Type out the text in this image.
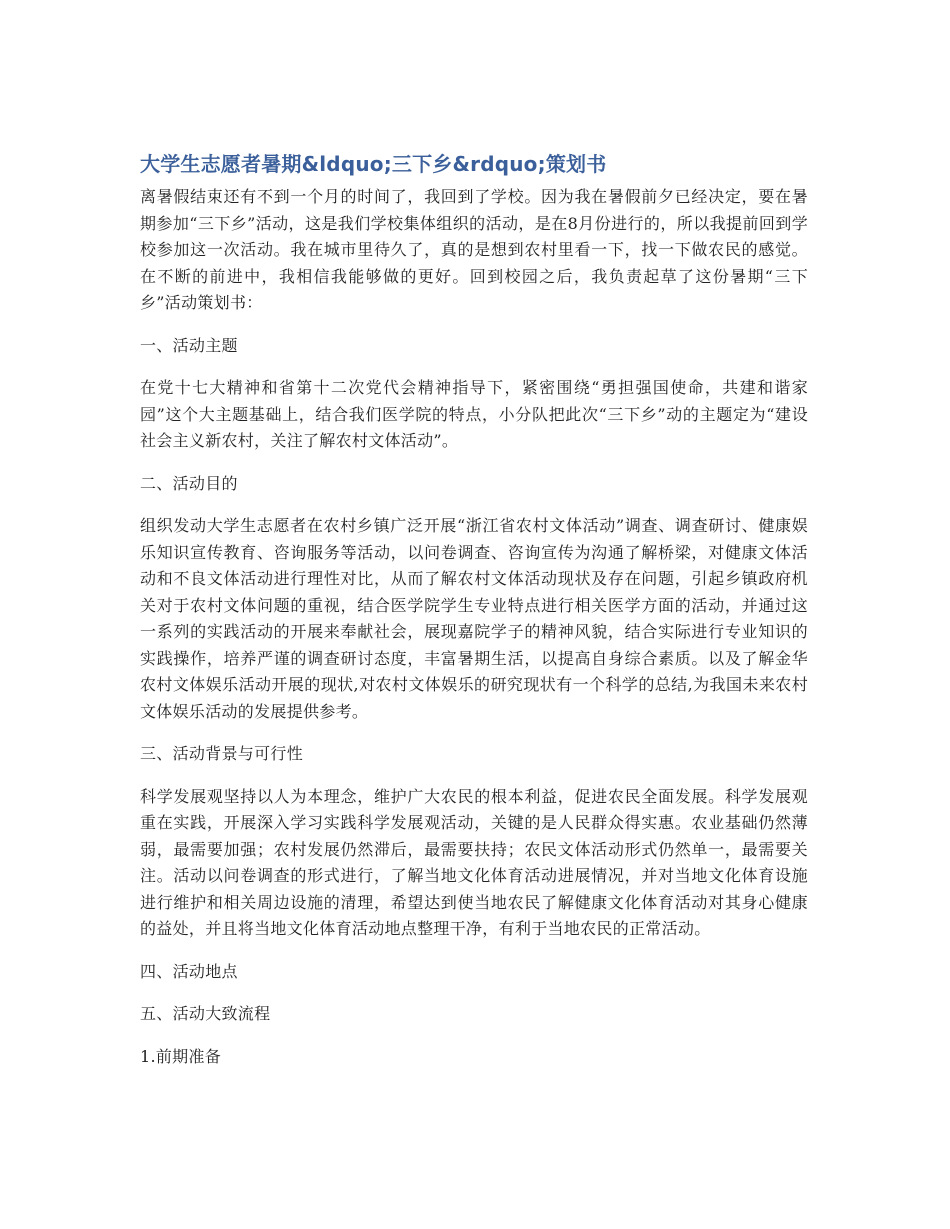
大学生志愿者暑期&ldquo;三下乡&rdquo;策划书

离暑假结束还有不到一个月的时间了，我回到了学校。因为我在暑假前夕已经决定，要在暑期参加“三下乡”活动，这是我们学校集体组织的活动，是在8月份进行的，所以我提前回到学校参加这一次活动。我在城市里待久了，真的是想到农村里看一下，找一下做农民的感觉。在不断的前进中，我相信我能够做的更好。回到校园之后，我负责起草了这份暑期“三下乡”活动策划书：

一、活动主题

在党十七大精神和省第十二次党代会精神指导下，紧密围绕“勇担强国使命，共建和谐家园”这个大主题基础上，结合我们医学院的特点，小分队把此次“三下乡”动的主题定为“建设社会主义新农村，关注了解农村文体活动”。

二、活动目的

组织发动大学生志愿者在农村乡镇广泛开展“浙江省农村文体活动”调查、调查研讨、健康娱乐知识宣传教育、咨询服务等活动，以问卷调查、咨询宣传为沟通了解桥梁，对健康文体活动和不良文体活动进行理性对比，从而了解农村文体活动现状及存在问题，引起乡镇政府机关对于农村文体问题的重视，结合医学院学生专业特点进行相关医学方面的活动，并通过这一系列的实践活动的开展来奉献社会，展现嘉院学子的精神风貌，结合实际进行专业知识的实践操作，培养严谨的调查研讨态度，丰富暑期生活，以提高自身综合素质。以及了解金华农村文体娱乐活动开展的现状,对农村文体娱乐的研究现状有一个科学的总结,为我国未来农村文体娱乐活动的发展提供参考。

三、活动背景与可行性

科学发展观坚持以人为本理念，维护广大农民的根本利益，促进农民全面发展。科学发展观重在实践，开展深入学习实践科学发展观活动，关键的是人民群众得实惠。农业基础仍然薄弱，最需要加强；农村发展仍然滞后，最需要扶持；农民文体活动形式仍然单一，最需要关注。活动以问卷调查的形式进行，了解当地文化体育活动进展情况，并对当地文化体育设施进行维护和相关周边设施的清理，希望达到使当地农民了解健康文化体育活动对其身心健康的益处，并且将当地文化体育活动地点整理干净，有利于当地农民的正常活动。

四、活动地点

五、活动大致流程

1.前期准备
